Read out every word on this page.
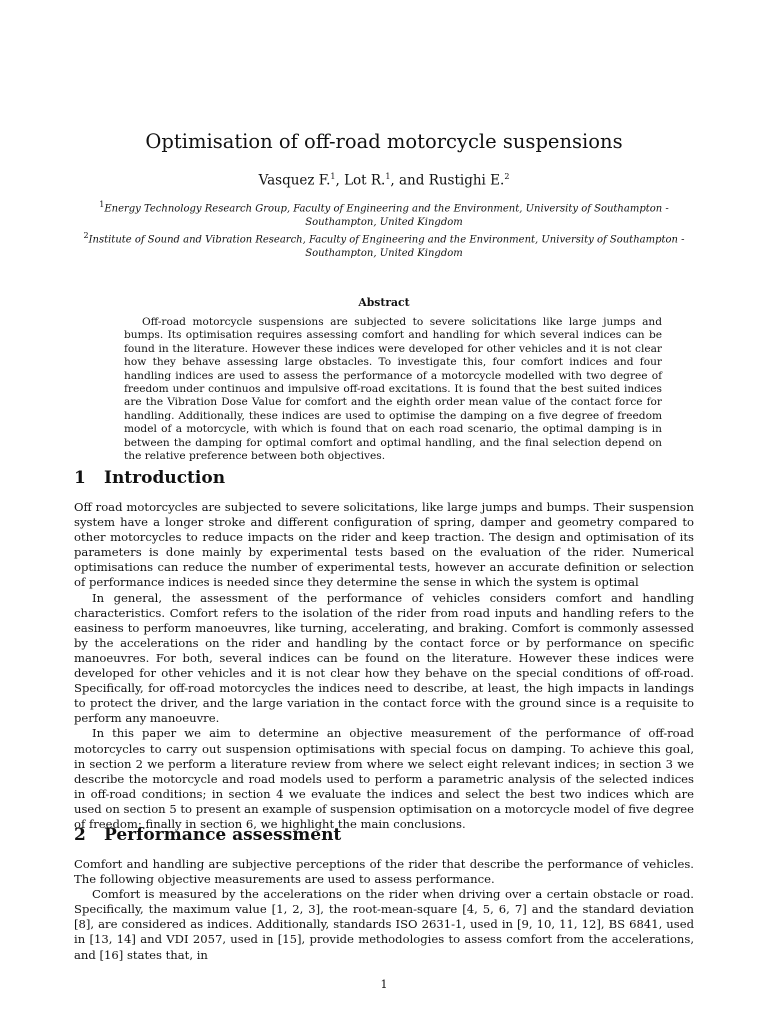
Optimisation of off-road motorcycle suspensions
Vasquez F.$^1$, Lot R.$^1$, and Rustighi E.$^2$

$^1$Energy Technology Research Group, Faculty of Engineering and the Environment, University of Southampton - Southampton, United Kingdom

$^2$Institute of Sound and Vibration Research, Faculty of Engineering and the Environment, University of Southampton - Southampton, United Kingdom

Abstract

Off-road motorcycle suspensions are subjected to severe solicitations like large jumps and bumps. Its optimisation requires assessing comfort and handling for which several indices can be found in the literature. However these indices were developed for other vehicles and it is not clear how they behave assessing large obstacles. To investigate this, four comfort indices and four handling indices are used to assess the performance of a motorcycle modelled with two degree of freedom under continuos and impulsive off-road excitations. It is found that the best suited indices are the Vibration Dose Value for comfort and the eighth order mean value of the contact force for handling. Additionally, these indices are used to optimise the damping on a five degree of freedom model of a motorcycle, with which is found that on each road scenario, the optimal damping is in between the damping for optimal comfort and optimal handling, and the final selection depend on the relative preference between both objectives.

1 Introduction

Off road motorcycles are subjected to severe solicitations, like large jumps and bumps. Their suspension system have a longer stroke and different configuration of spring, damper and geometry compared to other motorcycles to reduce impacts on the rider and keep traction. The design and optimisation of its parameters is done mainly by experimental tests based on the evaluation of the rider. Numerical optimisations can reduce the number of experimental tests, however an accurate definition or selection of performance indices is needed since they determine the sense in which the system is optimal

In general, the assessment of the performance of vehicles considers comfort and handling characteristics. Comfort refers to the isolation of the rider from road inputs and handling refers to the easiness to perform manoeuvres, like turning, accelerating, and braking. Comfort is commonly assessed by the accelerations on the rider and handling by the contact force or by performance on specific manoeuvres. For both, several indices can be found on the literature. However these indices were developed for other vehicles and it is not clear how they behave on the special conditions of off-road. Specifically, for off-road motorcycles the indices need to describe, at least, the high impacts in landings to protect the driver, and the large variation in the contact force with the ground since is a requisite to perform any manoeuvre.

In this paper we aim to determine an objective measurement of the performance of off-road motorcycles to carry out suspension optimisations with special focus on damping. To achieve this goal, in section 2 we perform a literature review from where we select eight relevant indices; in section 3 we describe the motorcycle and road models used to perform a parametric analysis of the selected indices in off-road conditions; in section 4 we evaluate the indices and select the best two indices which are used on section 5 to present an example of suspension optimisation on a motorcycle model of five degree of freedom; finally in section 6, we highlight the main conclusions.

2 Performance assessment

Comfort and handling are subjective perceptions of the rider that describe the performance of vehicles. The following objective measurements are used to assess performance.

Comfort is measured by the accelerations on the rider when driving over a certain obstacle or road. Specifically, the maximum value [1, 2, 3], the root-mean-square [4, 5, 6, 7] and the standard deviation [8], are considered as indices. Additionally, standards ISO 2631-1, used in [9, 10, 11, 12], BS 6841, used in [13, 14] and VDI 2057, used in [15], provide methodologies to assess comfort from the accelerations, and [16] states that, in

1
